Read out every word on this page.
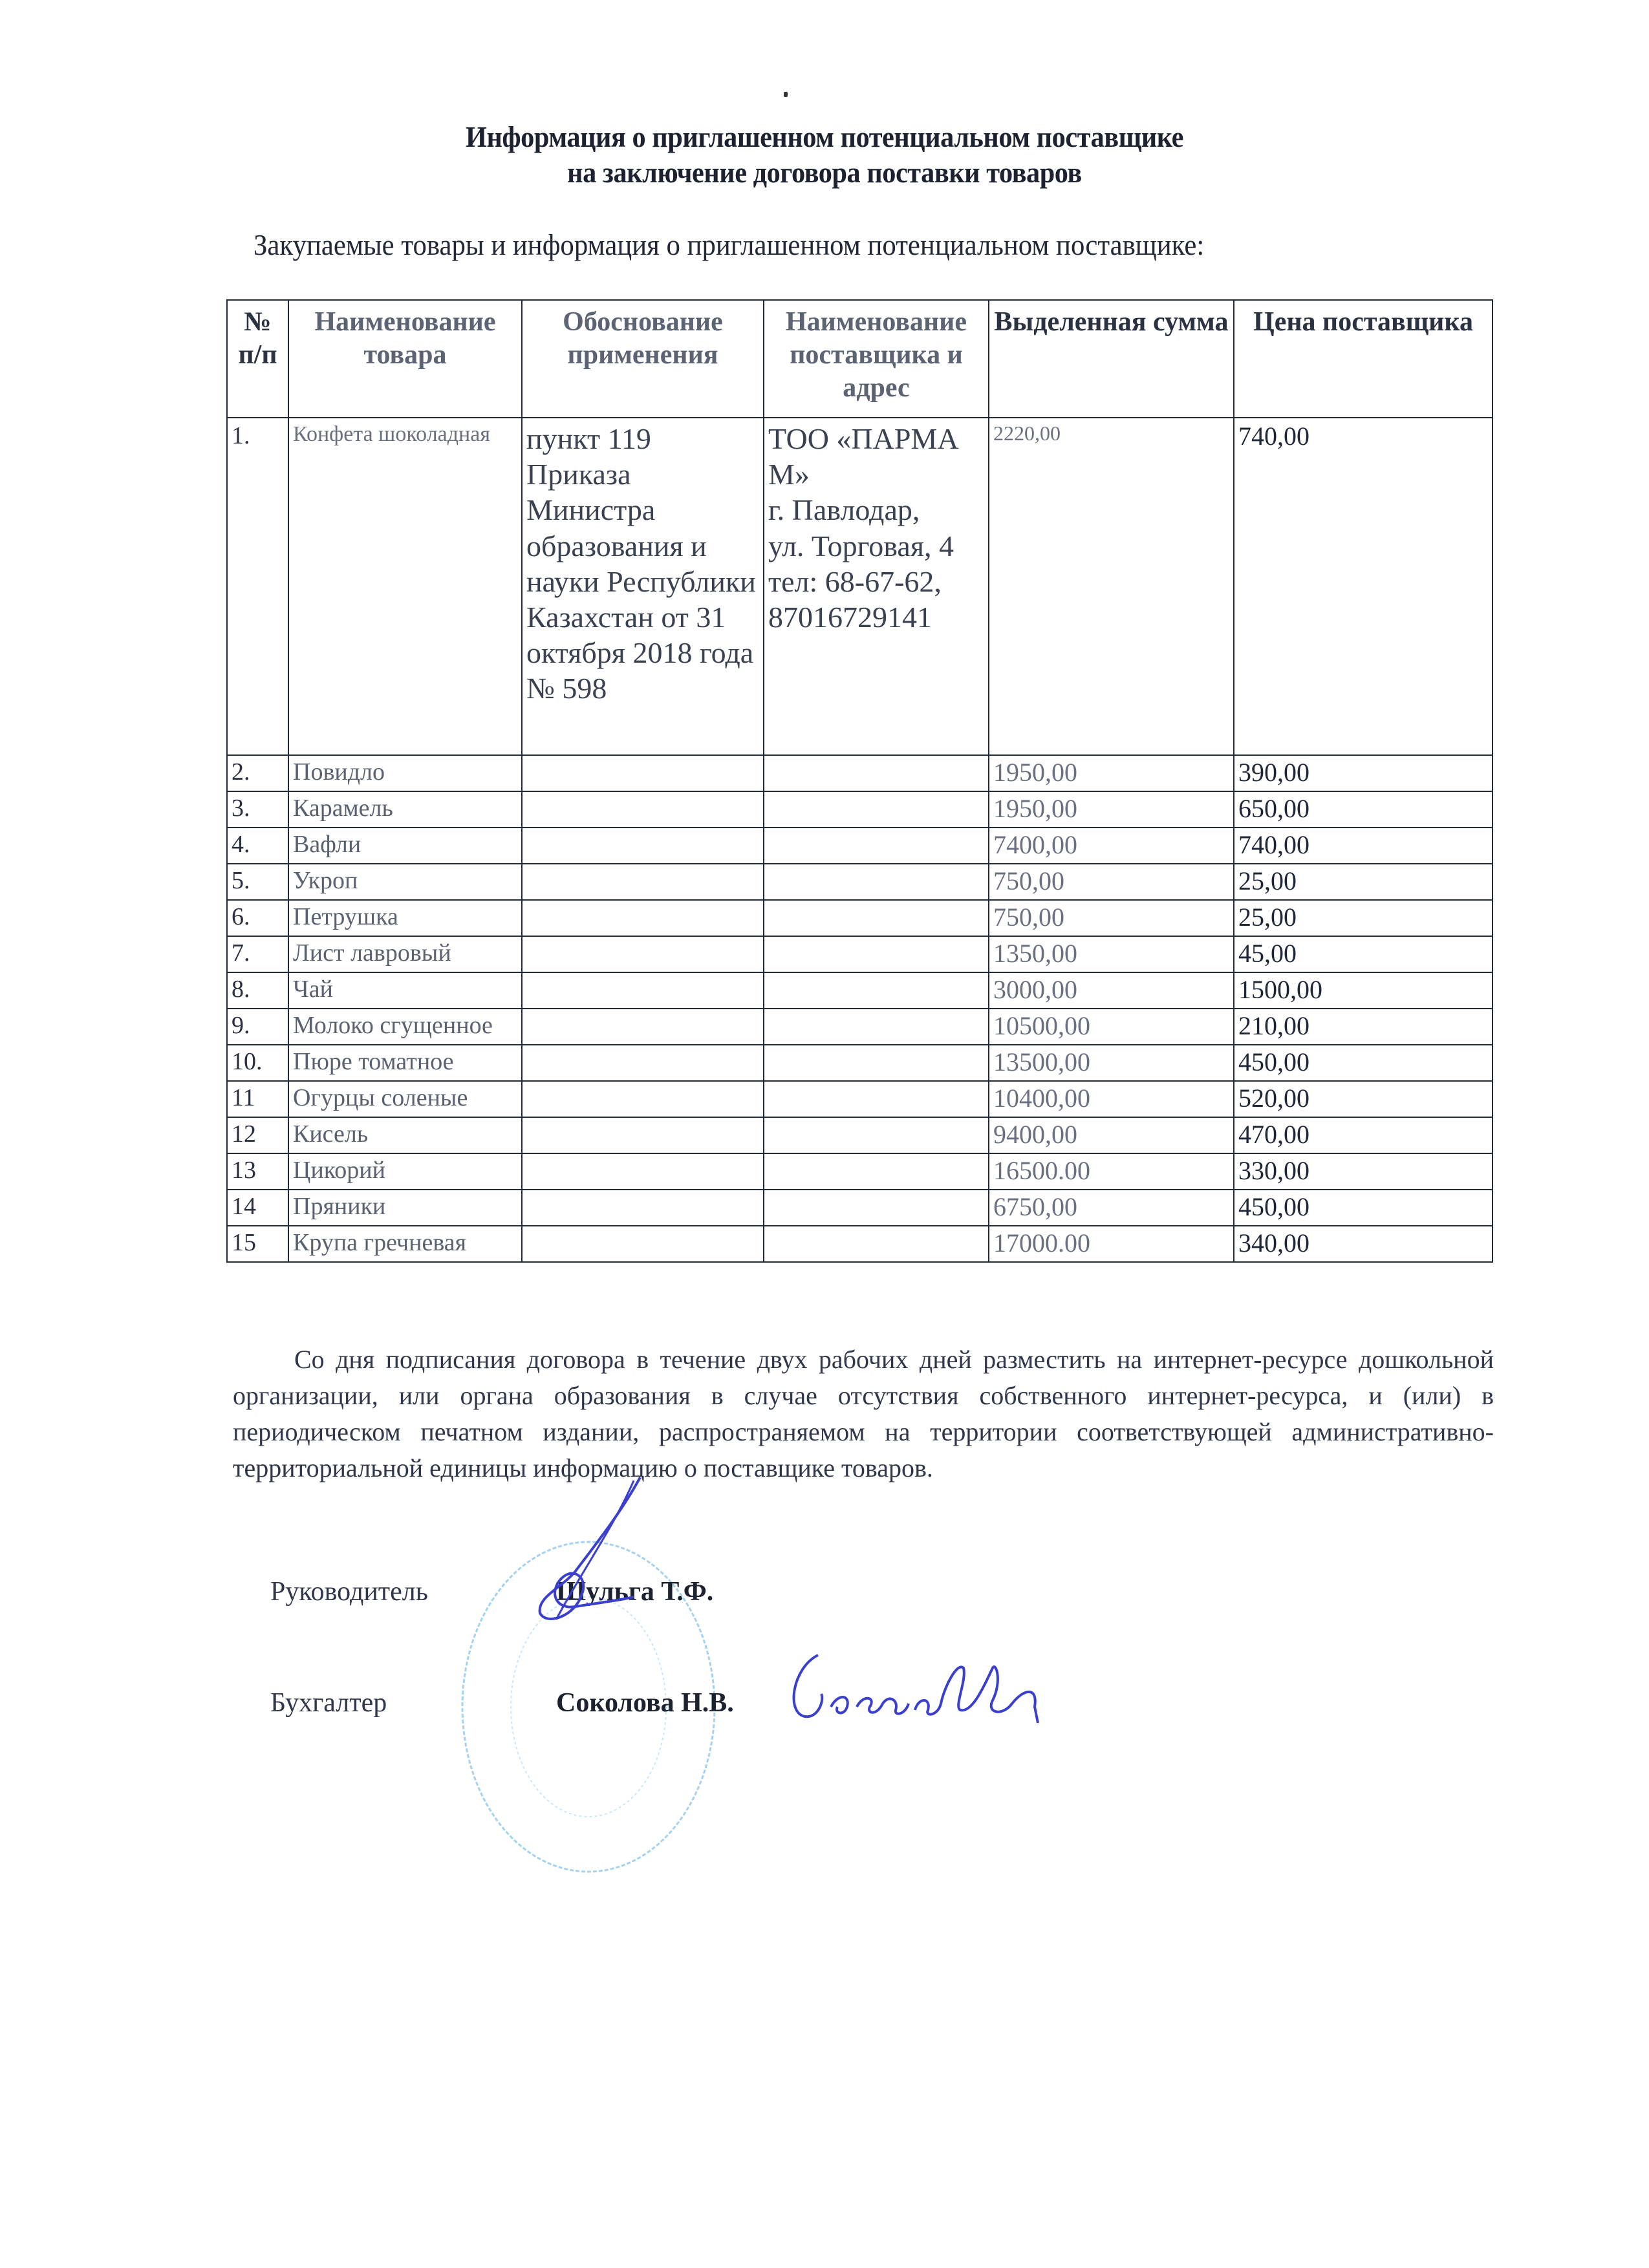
Информация о приглашенном потенциальном поставщике
на заключение договора поставки товаров
Закупаемые товары и информация о приглашенном потенциальном поставщике:
№ п/п	Наименование товара	Обоснование применения	Наименование поставщика и адрес	Выделенная сумма	Цена поставщика
1.	Конфета шоколадная	пункт 119 Приказа Министра образования и науки Республики Казахстан от 31 октября 2018 года № 598	ТОО «ПАРМА М»
г. Павлодар,
ул. Торговая, 4
тел: 68-67-62,
87016729141	2220,00	740,00
2.	Повидло			1950,00	390,00
3.	Карамель			1950,00	650,00
4.	Вафли			7400,00	740,00
5.	Укроп			750,00	25,00
6.	Петрушка			750,00	25,00
7.	Лист лавровый			1350,00	45,00
8.	Чай			3000,00	1500,00
9.	Молоко сгущенное			10500,00	210,00
10.	Пюре томатное			13500,00	450,00
11	Огурцы соленые			10400,00	520,00
12	Кисель			9400,00	470,00
13	Цикорий			16500.00	330,00
14	Пряники			6750,00	450,00
15	Крупа гречневая			17000.00	340,00
Со дня подписания договора в течение двух рабочих дней разместить на интернет-ресурсе дошкольной организации, или органа образования в случае отсутствия собственного интернет-ресурса, и (или) в периодическом печатном издании, распространяемом на территории соответствующей административно-территориальной единицы информацию о поставщике товаров.
Руководитель	Шульга Т.Ф.
Бухгалтер	Соколова Н.В.
